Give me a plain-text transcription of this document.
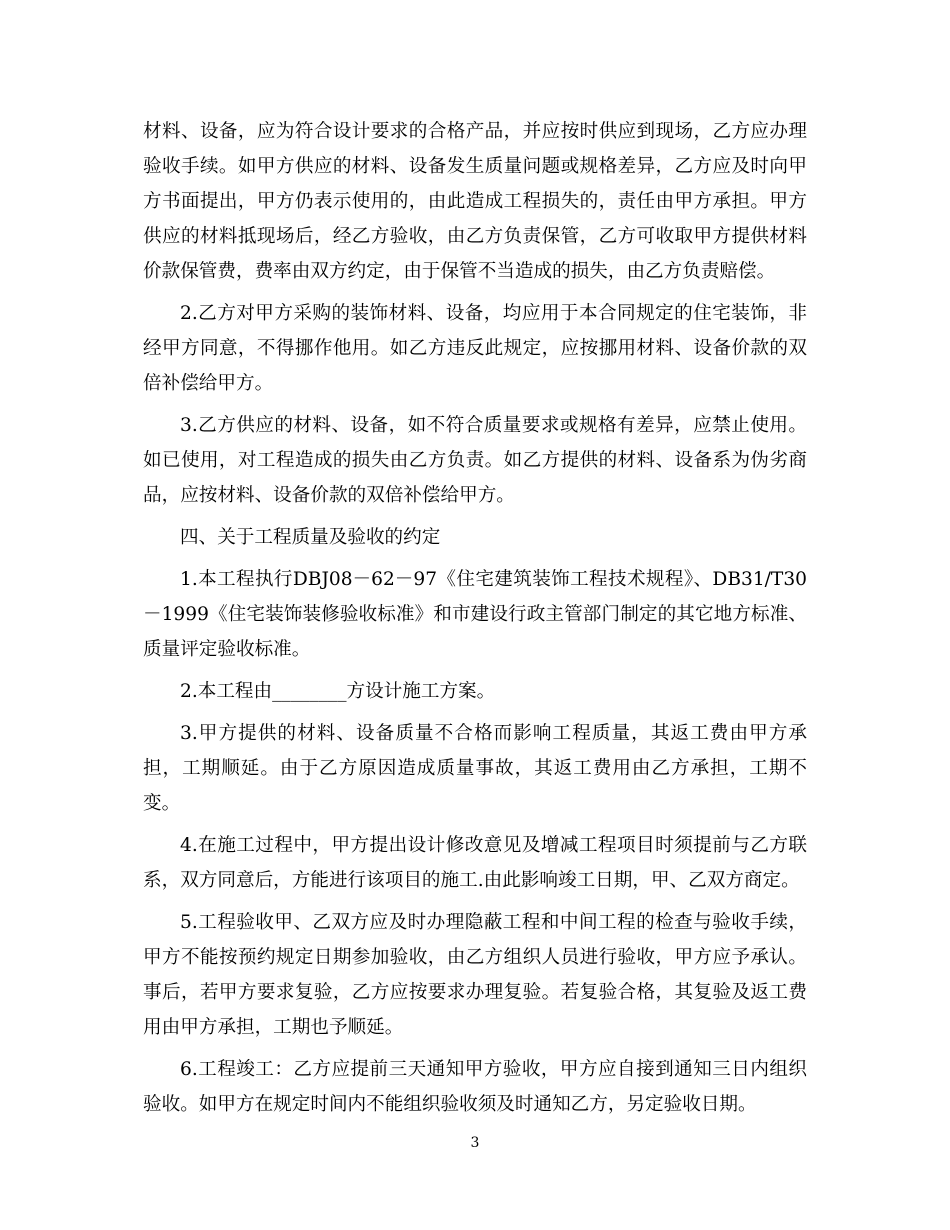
材料、设备，应为符合设计要求的合格产品，并应按时供应到现场，乙方应办理验收手续。如甲方供应的材料、设备发生质量问题或规格差异，乙方应及时向甲方书面提出，甲方仍表示使用的，由此造成工程损失的，责任由甲方承担。甲方供应的材料抵现场后，经乙方验收，由乙方负责保管，乙方可收取甲方提供材料价款保管费，费率由双方约定，由于保管不当造成的损失，由乙方负责赔偿。

2.乙方对甲方采购的装饰材料、设备，均应用于本合同规定的住宅装饰，非经甲方同意，不得挪作他用。如乙方违反此规定，应按挪用材料、设备价款的双倍补偿给甲方。

3.乙方供应的材料、设备，如不符合质量要求或规格有差异，应禁止使用。如已使用，对工程造成的损失由乙方负责。如乙方提供的材料、设备系为伪劣商品，应按材料、设备价款的双倍补偿给甲方。

四、关于工程质量及验收的约定

1.本工程执行DBJ08－62－97《住宅建筑装饰工程技术规程》、DB31/T30－1999《住宅装饰装修验收标准》和市建设行政主管部门制定的其它地方标准、质量评定验收标准。

2.本工程由________方设计施工方案。

3.甲方提供的材料、设备质量不合格而影响工程质量，其返工费由甲方承担，工期顺延。由于乙方原因造成质量事故，其返工费用由乙方承担，工期不变。

4.在施工过程中，甲方提出设计修改意见及增减工程项目时须提前与乙方联系，双方同意后，方能进行该项目的施工.由此影响竣工日期，甲、乙双方商定。

5.工程验收甲、乙双方应及时办理隐蔽工程和中间工程的检查与验收手续，甲方不能按预约规定日期参加验收，由乙方组织人员进行验收，甲方应予承认。事后，若甲方要求复验，乙方应按要求办理复验。若复验合格，其复验及返工费用由甲方承担，工期也予顺延。

6.工程竣工：乙方应提前三天通知甲方验收，甲方应自接到通知三日内组织验收。如甲方在规定时间内不能组织验收须及时通知乙方，另定验收日期。

3
